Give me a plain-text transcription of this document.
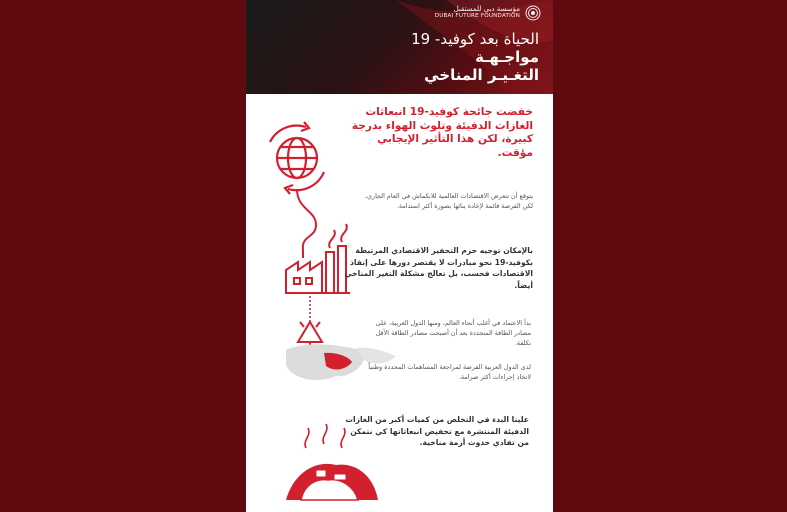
مؤسسة دبي للمستقبل
DUBAI FUTURE FOUNDATION
الحياة بعد كوفيد- 19
مواجـهـة
التغـيـر المناخي
خفضت جائحة كوفيد-19 انبعاثات الغازات الدفيئة وتلوث الهواء بدرجة كبيرة، لكن هذا التأثير الإيجابي مؤقت.
يتوقع أن تتعرض الاقتصادات العالمية للانكماش في العام الجاري، لكن الفرصة قائمة لإعادة بنائها بصورة أكثر استدامة.
بالإمكان توجيه حزم التحفيز الاقتصادي المرتبطة بكوفيد-19 نحو مبادرات لا يقتصر دورها على إنقاذ الاقتصادات فحسب، بل تعالج مشكلة التغير المناخي أيضاً.
بدأ الاعتماد في أغلب أنحاء العالم، ومنها الدول العربية، على مصادر الطاقة المتجددة بعد أن أصبحت مصادر الطاقة الأقل تكلفة.
لدى الدول العربية الفرصة لمراجعة المساهمات المحددة وطنياً لاتخاذ إجراءات أكثر صرامة.
علينا البدء في التخلص من كميات أكبر من الغازات الدفيئة المنتشرة مع تخفيض انبعاثاتها كي نتمكن من تفادي حدوث أزمة مناخية.
